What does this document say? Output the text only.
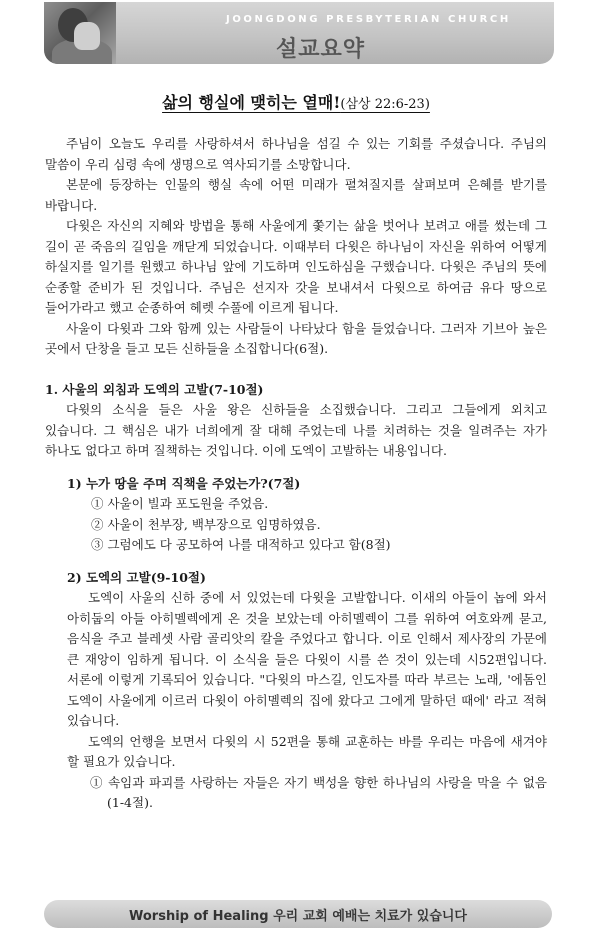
JOONGDONG PRESBYTERIAN CHURCH
설교요약
삶의 행실에 맺히는 열매!(삼상 22:6-23)

주님이 오늘도 우리를 사랑하셔서 하나님을 섬길 수 있는 기회를 주셨습니다. 주님의 말씀이 우리 심령 속에 생명으로 역사되기를 소망합니다.

본문에 등장하는 인물의 행실 속에 어떤 미래가 펼쳐질지를 살펴보며 은혜를 받기를 바랍니다.

다윗은 자신의 지혜와 방법을 통해 사울에게 쫓기는 삶을 벗어나 보려고 애를 썼는데 그 길이 곧 죽음의 길임을 깨닫게 되었습니다. 이때부터 다윗은 하나님이 자신을 위하여 어떻게 하실지를 일기를 원했고 하나님 앞에 기도하며 인도하심을 구했습니다. 다윗은 주님의 뜻에 순종할 준비가 된 것입니다. 주님은 선지자 갓을 보내셔서 다윗으로 하여금 유다 땅으로 들어가라고 했고 순종하여 헤렛 수풀에 이르게 됩니다.

사울이 다윗과 그와 함께 있는 사람들이 나타났다 함을 들었습니다. 그러자 기브아 높은 곳에서 단창을 들고 모든 신하들을 소집합니다(6절).

1. 사울의 외침과 도엑의 고발(7-10절)

다윗의 소식을 들은 사울 왕은 신하들을 소집했습니다. 그리고 그들에게 외치고 있습니다. 그 핵심은 내가 너희에게 잘 대해 주었는데 나를 치려하는 것을 일려주는 자가 하나도 없다고 하며 질책하는 것입니다. 이에 도엑이 고발하는 내용입니다.

1) 누가 땅을 주며 직책을 주었는가?(7절)

① 사울이 빌과 포도원을 주었음.

② 사울이 천부장, 백부장으로 임명하였음.

③ 그럼에도 다 공모하여 나를 대적하고 있다고 함(8절)

2) 도엑의 고발(9-10절)

도엑이 사울의 신하 중에 서 있었는데 다윗을 고발합니다. 이새의 아들이 놉에 와서 아히둡의 아들 아히멜렉에게 온 것을 보았는데 아히멜렉이 그를 위하여 여호와께 묻고, 음식을 주고 블레셋 사람 골리앗의 칼을 주었다고 합니다. 이로 인해서 제사장의 가문에 큰 재앙이 임하게 됩니다. 이 소식을 들은 다윗이 시를 쓴 것이 있는데 시52편입니다. 서론에 이렇게 기록되어 있습니다. "다윗의 마스길, 인도자를 따라 부르는 노래, '에돔인 도엑이 사울에게 이르러 다윗이 아히멜렉의 집에 왔다고 그에게 말하던 때에' 라고 적혀 있습니다.

도엑의 언행을 보면서 다윗의 시 52편을 통해 교훈하는 바를 우리는 마음에 새겨야 할 필요가 있습니다.

① 속임과 파괴를 사랑하는 자들은 자기 백성을 향한 하나님의 사랑을 막을 수 없음(1-4절).

Worship of Healing 우리 교회 예배는 치료가 있습니다
